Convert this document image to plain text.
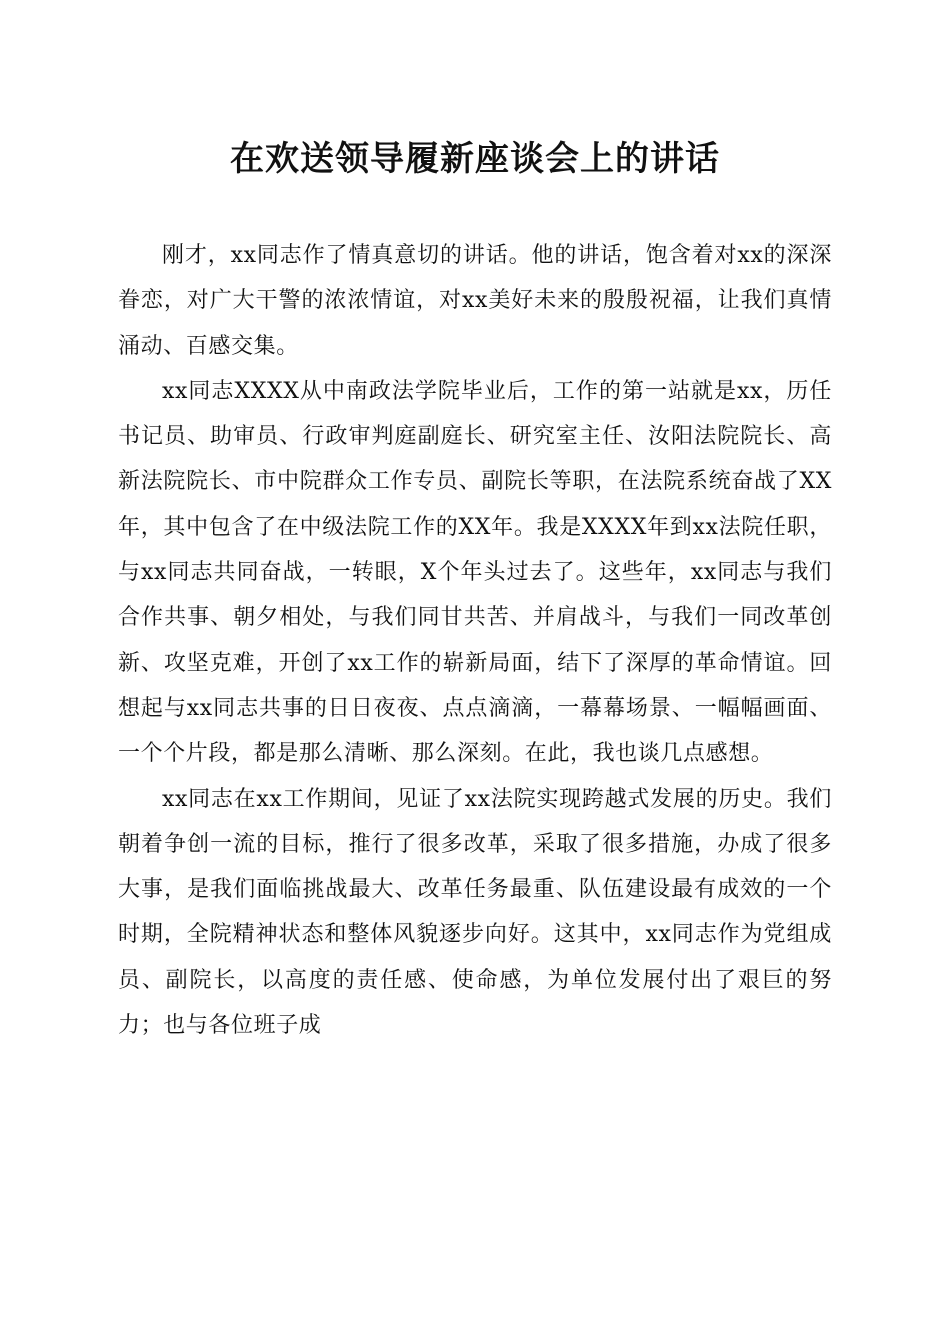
在欢送领导履新座谈会上的讲话

刚才，xx同志作了情真意切的讲话。他的讲话，饱含着对xx的深深眷恋，对广大干警的浓浓情谊，对xx美好未来的殷殷祝福，让我们真情涌动、百感交集。

xx同志XXXX从中南政法学院毕业后，工作的第一站就是xx，历任书记员、助审员、行政审判庭副庭长、研究室主任、汝阳法院院长、高新法院院长、市中院群众工作专员、副院长等职，在法院系统奋战了XX年，其中包含了在中级法院工作的XX年。我是XXXX年到xx法院任职，与xx同志共同奋战，一转眼，X个年头过去了。这些年，xx同志与我们合作共事、朝夕相处，与我们同甘共苦、并肩战斗，与我们一同改革创新、攻坚克难，开创了xx工作的崭新局面，结下了深厚的革命情谊。回想起与xx同志共事的日日夜夜、点点滴滴，一幕幕场景、一幅幅画面、一个个片段，都是那么清晰、那么深刻。在此，我也谈几点感想。

xx同志在xx工作期间，见证了xx法院实现跨越式发展的历史。我们朝着争创一流的目标，推行了很多改革，采取了很多措施，办成了很多大事，是我们面临挑战最大、改革任务最重、队伍建设最有成效的一个时期，全院精神状态和整体风貌逐步向好。这其中，xx同志作为党组成员、副院长，以高度的责任感、使命感，为单位发展付出了艰巨的努力；也与各位班子成
